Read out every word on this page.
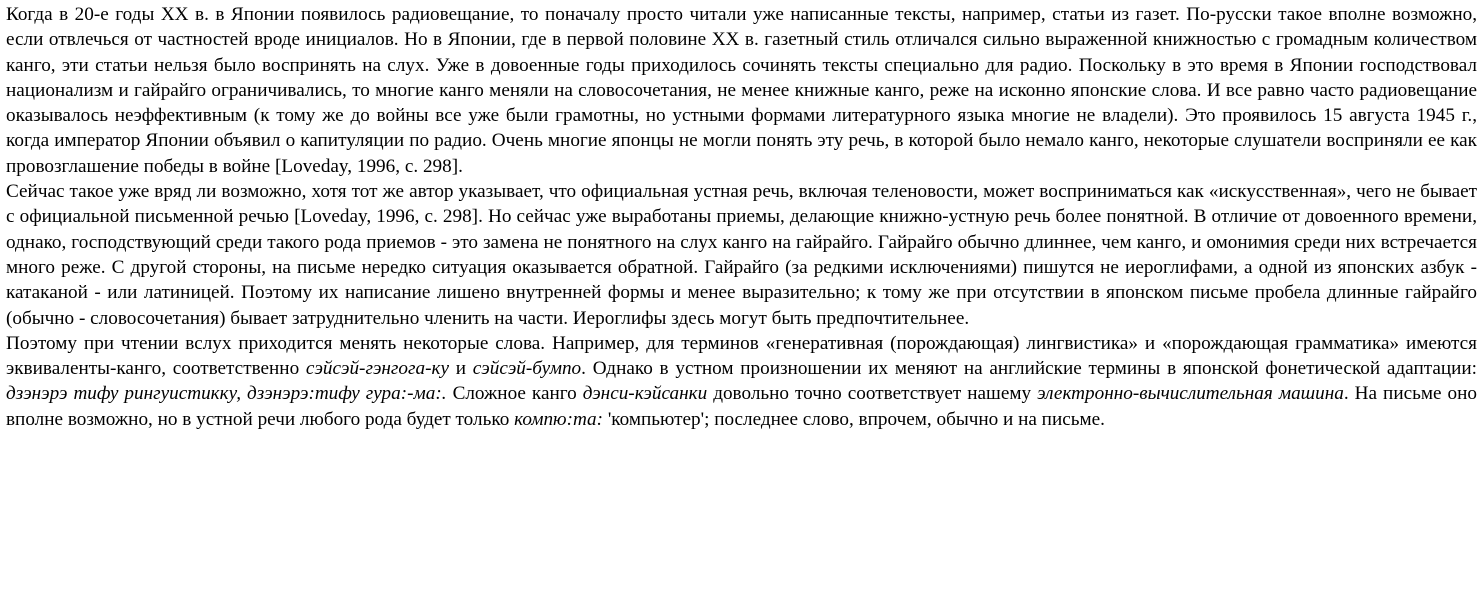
Когда в 20-е годы XX в. в Японии появилось радиовещание, то поначалу просто читали уже написанные тексты, например, статьи из газет. По-русски такое вполне возможно, если отвлечься от частностей вроде инициалов. Но в Японии, где в первой половине XX в. газетный стиль отличался сильно выраженной книжностью с громадным количеством канго, эти статьи нельзя было воспринять на слух. Уже в довоенные годы приходилось сочинять тексты специально для радио. Поскольку в это время в Японии господствовал национализм и гайрайго ограничивались, то многие канго меняли на словосочетания, не менее книжные канго, реже на исконно японские слова. И все равно часто радиовещание оказывалось неэффективным (к тому же до войны все уже были грамотны, но устными формами литературного языка многие не владели). Это проявилось 15 августа 1945 г., когда император Японии объявил о капитуляции по радио. Очень многие японцы не могли понять эту речь, в которой было немало канго, некоторые слушатели восприняли ее как провозглашение победы в войне [Loveday, 1996, с. 298].

Сейчас такое уже вряд ли возможно, хотя тот же автор указывает, что официальная устная речь, включая теленовости, может восприниматься как «искусственная», чего не бывает с официальной письменной речью [Loveday, 1996, с. 298]. Но сейчас уже выработаны приемы, делающие книжно-устную речь более понятной. В отличие от довоенного времени, однако, господствующий среди такого рода приемов - это замена не понятного на слух канго на гайрайго. Гайрайго обычно длиннее, чем канго, и омонимия среди них встречается много реже. С другой стороны, на письме нередко ситуация оказывается обратной. Гайрайго (за редкими исключениями) пишутся не иероглифами, а одной из японских азбук - катаканой - или латиницей. Поэтому их написание лишено внутренней формы и менее выразительно; к тому же при отсутствии в японском письме пробела длинные гайрайго (обычно - словосочетания) бывает затруднительно членить на части. Иероглифы здесь могут быть предпочтительнее.

Поэтому при чтении вслух приходится менять некоторые слова. Например, для терминов «генеративная (порождающая) лингвистика» и «порождающая грамматика» имеются эквиваленты-канго, соответственно сэйсэй-гэнгога-ку и сэйсэй-бумпо. Однако в устном произношении их меняют на английские термины в японской фонетической адаптации: дзэнэрэ тифу рингуистикку, дзэнэрэ:тифу гура:-ма:. Сложное канго дэнси-кэйсанки довольно точно соответствует нашему электронно-вычислительная машина. На письме оно вполне возможно, но в устной речи любого рода будет только компю:та: 'компьютер'; последнее слово, впрочем, обычно и на письме.
